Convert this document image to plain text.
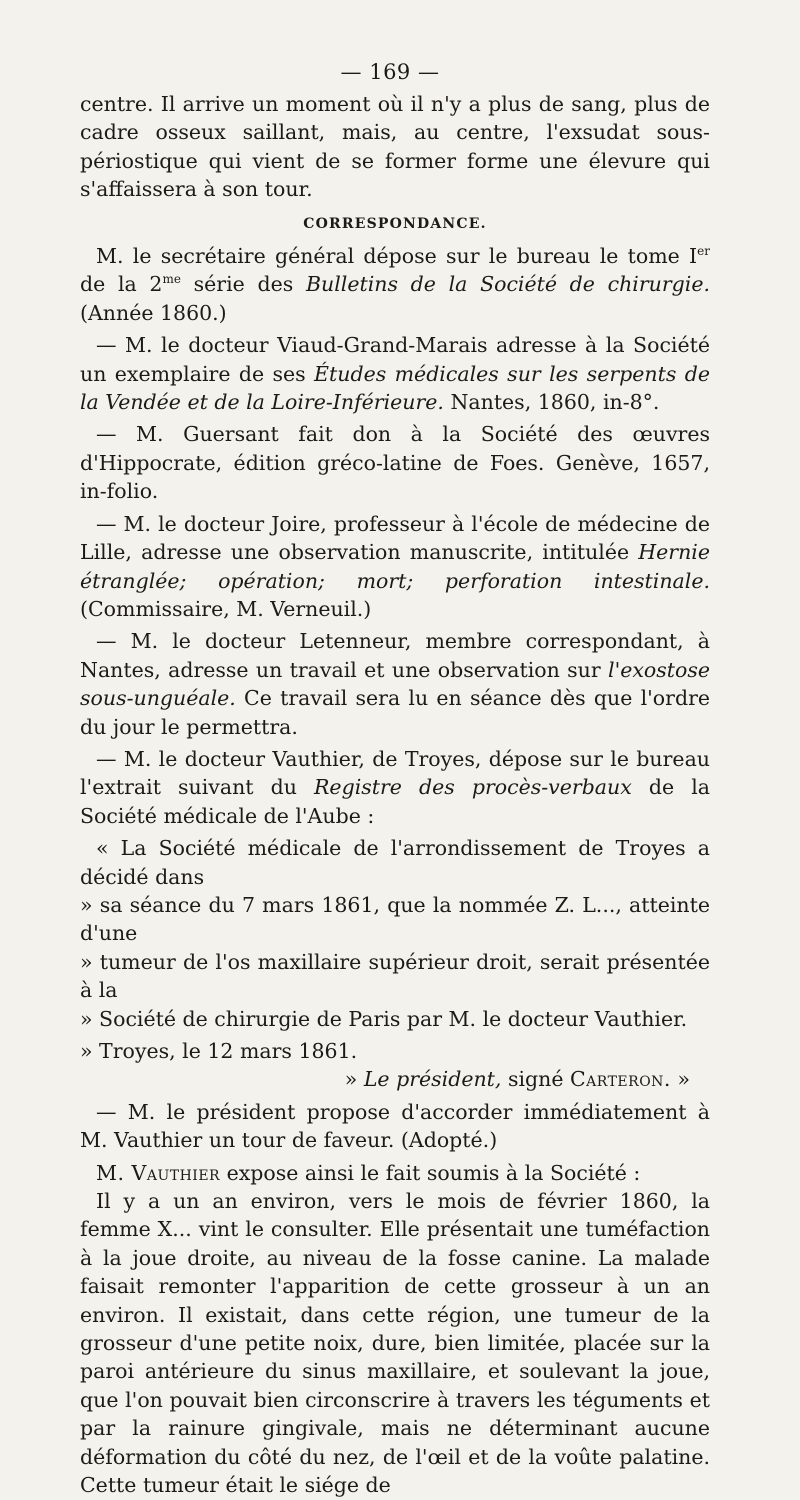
— 169 —

centre. Il arrive un moment où il n'y a plus de sang, plus de cadre osseux saillant, mais, au centre, l'exsudat sous-périostique qui vient de se former forme une élevure qui s'affaissera à son tour.

CORRESPONDANCE.

M. le secrétaire général dépose sur le bureau le tome Ier de la $2^{me}$ série des Bulletins de la Société de chirurgie. (Année 1860.)

— M. le docteur Viaud-Grand-Marais adresse à la Société un exemplaire de ses Études médicales sur les serpents de la Vendée et de la Loire-Inférieure. Nantes, 1860, in-8°.

— M. Guersant fait don à la Société des œuvres d'Hippocrate, édition gréco-latine de Foes. Genève, 1657, in-folio.

— M. le docteur Joire, professeur à l'école de médecine de Lille, adresse une observation manuscrite, intitulée Hernie étranglée; opération; mort; perforation intestinale. (Commissaire, M. Verneuil.)

— M. le docteur Letenneur, membre correspondant, à Nantes, adresse un travail et une observation sur l'exostose sous-unguéale. Ce travail sera lu en séance dès que l'ordre du jour le permettra.

— M. le docteur Vauthier, de Troyes, dépose sur le bureau l'extrait suivant du Registre des procès-verbaux de la Société médicale de l'Aube :

« La Société médicale de l'arrondissement de Troyes a décidé dans

» sa séance du 7 mars 1861, que la nommée Z. L..., atteinte d'une

» tumeur de l'os maxillaire supérieur droit, serait présentée à la

» Société de chirurgie de Paris par M. le docteur Vauthier.

» Troyes, le 12 mars 1861.

» Le président, signé Carteron. »

— M. le président propose d'accorder immédiatement à M. Vauthier un tour de faveur. (Adopté.)

M. Vauthier expose ainsi le fait soumis à la Société :

Il y a un an environ, vers le mois de février 1860, la femme X... vint le consulter. Elle présentait une tuméfaction à la joue droite, au niveau de la fosse canine. La malade faisait remonter l'apparition de cette grosseur à un an environ. Il existait, dans cette région, une tumeur de la grosseur d'une petite noix, dure, bien limitée, placée sur la paroi antérieure du sinus maxillaire, et soulevant la joue, que l'on pouvait bien circonscrire à travers les téguments et par la rainure gingivale, mais ne déterminant aucune déformation du côté du nez, de l'œil et de la voûte palatine. Cette tumeur était le siége de
